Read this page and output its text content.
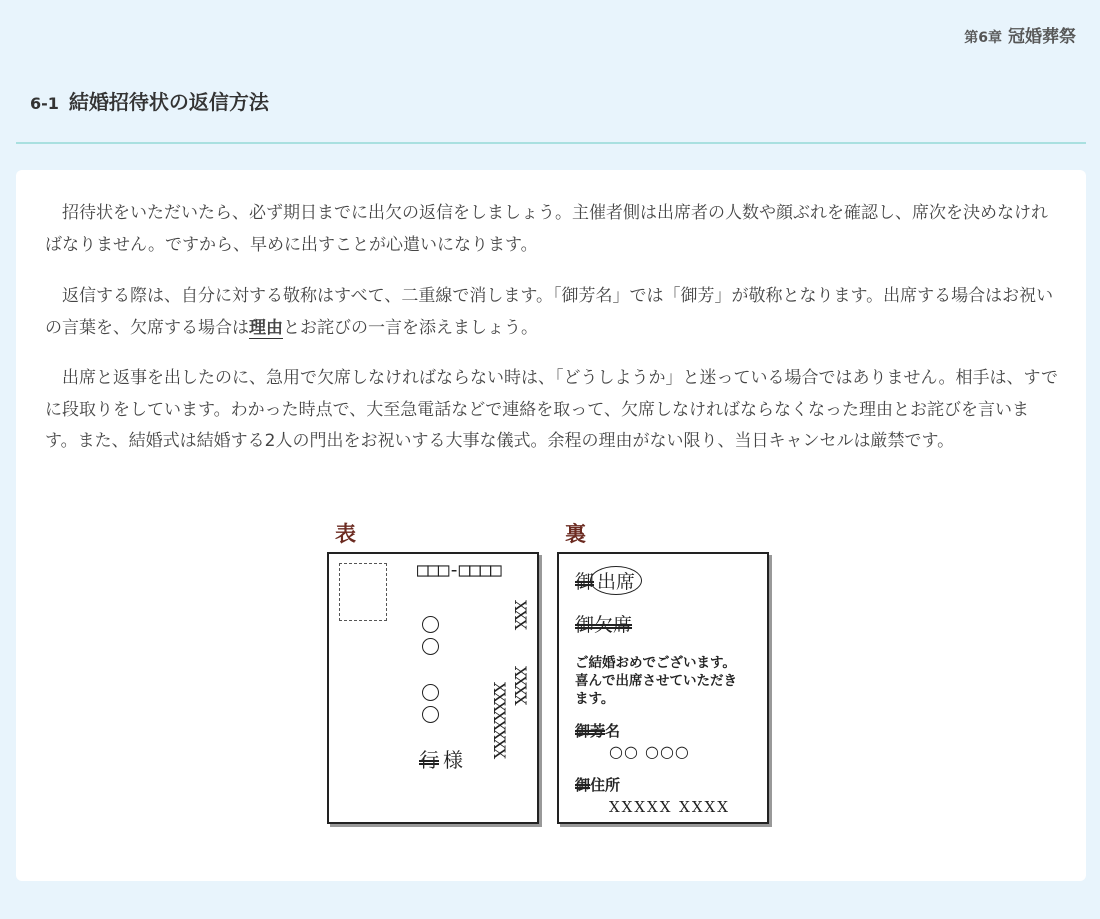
第6章 冠婚葬祭
6-1 結婚招待状の返信方法

招待状をいただいたら、必ず期日までに出欠の返信をしましょう。主催者側は出席者の人数や顔ぶれを確認し、席次を決めなければなりません。ですから、早めに出すことが心遣いになります。

返信する際は、自分に対する敬称はすべて、二重線で消します。「御芳名」では「御芳」が敬称となります。出席する場合はお祝いの言葉を、欠席する場合は理由とお詫びの一言を添えましょう。

出席と返事を出したのに、急用で欠席しなければならない時は、「どうしようか」と迷っている場合ではありません。相手は、すでに段取りをしています。わかった時点で、大至急電話などで連絡を取って、欠席しなければならなくなった理由とお詫びを言います。また、結婚式は結婚する2人の門出をお祝いする大事な儀式。余程の理由がない限り、当日キャンセルは厳禁です。

表	裏
□□□-□□□□
XXX
XXXX
XXXXXXXX
行 様
御 出席
御欠席
ご結婚おめでございます。
喜んで出席させていただき
ます。
御芳名
○○ ○○○
御住所
XXXXX XXXX
